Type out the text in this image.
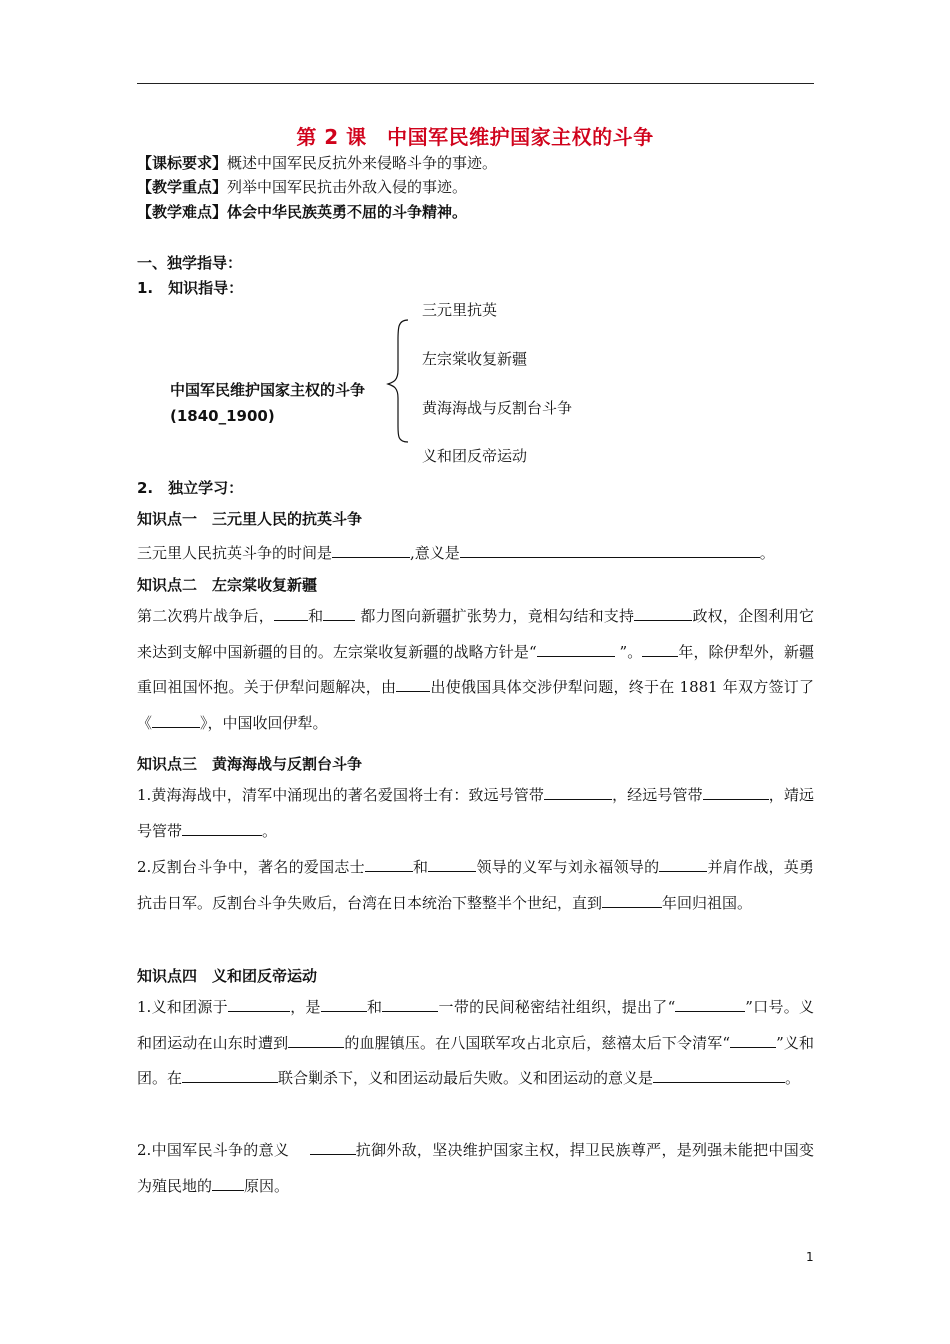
第 2 课　中国军民维护国家主权的斗争
【课标要求】概述中国军民反抗外来侵略斗争的事迹。
【教学重点】列举中国军民抗击外敌入侵的事迹。
【教学难点】体会中华民族英勇不屈的斗争精神。
一、独学指导：
1.　知识指导：
中国军民维护国家主权的斗争
(1840_1900)
三元里抗英
左宗棠收复新疆
黄海海战与反割台斗争
义和团反帝运动
2.　独立学习：
知识点一　三元里人民的抗英斗争
三元里人民抗英斗争的时间是	,意义是	。
知识点二　左宗棠收复新疆
第二次鸦片战争后， 和 都力图向新疆扩张势力，竟相勾结和支持	政权，企图利用它来达到支解中国新疆的目的。左宗棠收复新疆的战略方针是“	”。 年，除伊犁外，新疆重回祖国怀抱。关于伊犁问题解决，由 出使俄国具体交涉伊犁问题，终于在 1881 年双方签订了《	》，中国收回伊犁。
知识点三　黄海海战与反割台斗争
1.黄海海战中，清军中涌现出的著名爱国将士有：致远号管带	，经远号管带	，靖远号管带	。
2.反割台斗争中，著名的爱国志士	和	领导的义军与刘永福领导的	并肩作战，英勇抗击日军。反割台斗争失败后，台湾在日本统治下整整半个世纪，直到	年回归祖国。
知识点四　义和团反帝运动
1.义和团源于	，是	和	一带的民间秘密结社组织，提出了“	”口号。义和团运动在山东时遭到	的血腥镇压。在八国联军攻占北京后，慈禧太后下令清军“	”义和团。在	联合剿杀下，义和团运动最后失败。义和团运动的意义是	。
2.中国军民斗争的意义　	抗御外敌，坚决维护国家主权，捍卫民族尊严，是列强未能把中国变为殖民地的 原因。
1
